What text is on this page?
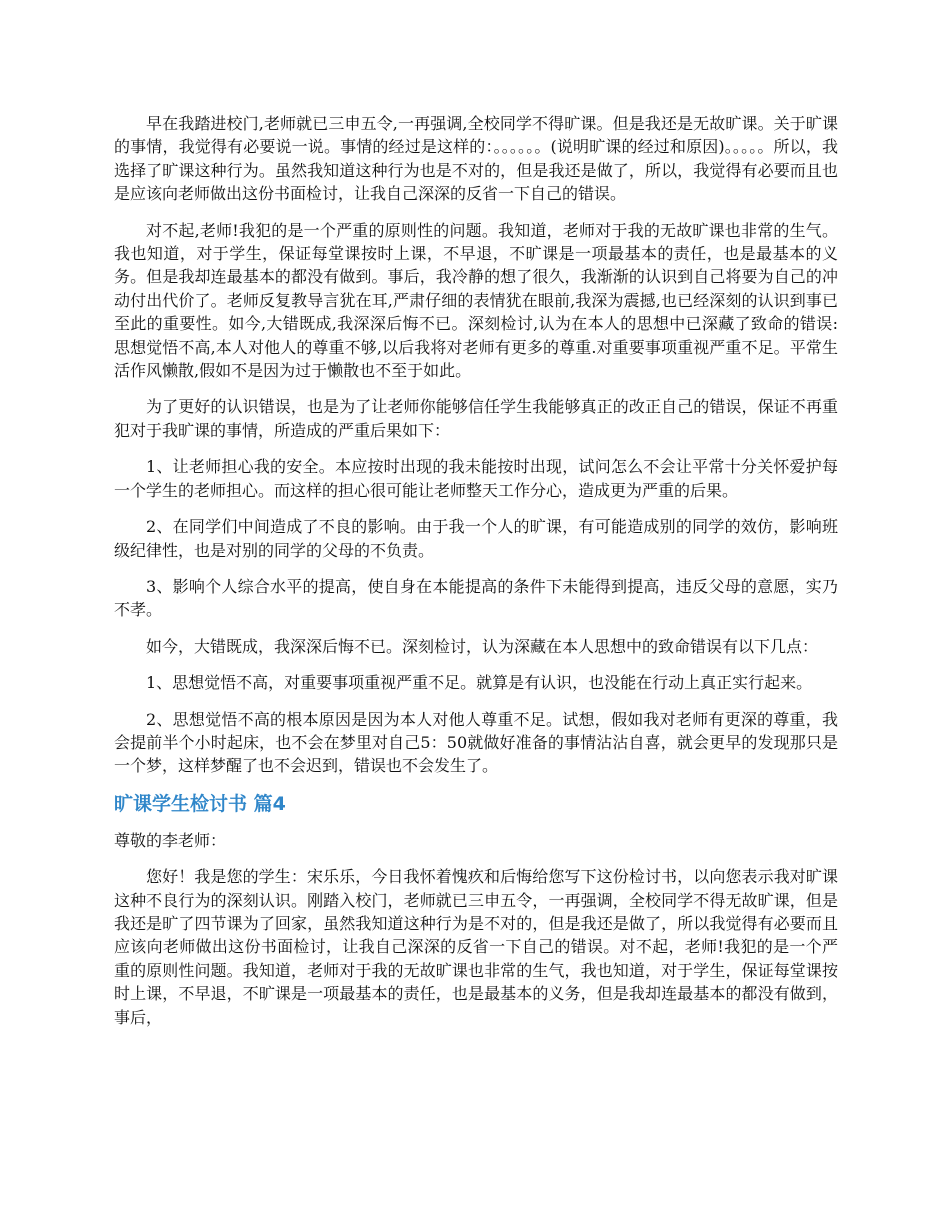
早在我踏进校门,老师就已三申五令,一再强调,全校同学不得旷课。但是我还是无故旷课。关于旷课的事情，我觉得有必要说一说。事情的经过是这样的：。。。。。。(说明旷课的经过和原因)。。。。。所以，我选择了旷课这种行为。虽然我知道这种行为也是不对的，但是我还是做了，所以，我觉得有必要而且也是应该向老师做出这份书面检讨，让我自己深深的反省一下自己的错误。

对不起,老师!我犯的是一个严重的原则性的问题。我知道，老师对于我的无故旷课也非常的生气。我也知道，对于学生，保证每堂课按时上课，不早退，不旷课是一项最基本的责任，也是最基本的义务。但是我却连最基本的都没有做到。事后，我冷静的想了很久，我渐渐的认识到自己将要为自己的冲动付出代价了。老师反复教导言犹在耳,严肃仔细的表情犹在眼前,我深为震撼,也已经深刻的认识到事已至此的重要性。如今,大错既成,我深深后悔不已。深刻检讨,认为在本人的思想中已深藏了致命的错误:思想觉悟不高,本人对他人的尊重不够,以后我将对老师有更多的尊重.对重要事项重视严重不足。平常生活作风懒散,假如不是因为过于懒散也不至于如此。

为了更好的认识错误，也是为了让老师你能够信任学生我能够真正的改正自己的错误，保证不再重犯对于我旷课的事情，所造成的严重后果如下：

1、让老师担心我的安全。本应按时出现的我未能按时出现，试问怎么不会让平常十分关怀爱护每一个学生的老师担心。而这样的担心很可能让老师整天工作分心，造成更为严重的后果。

2、在同学们中间造成了不良的影响。由于我一个人的旷课，有可能造成别的同学的效仿，影响班级纪律性，也是对别的同学的父母的不负责。

3、影响个人综合水平的提高，使自身在本能提高的条件下未能得到提高，违反父母的意愿，实乃不孝。

如今，大错既成，我深深后悔不已。深刻检讨，认为深藏在本人思想中的致命错误有以下几点：

1、思想觉悟不高，对重要事项重视严重不足。就算是有认识，也没能在行动上真正实行起来。

2、思想觉悟不高的根本原因是因为本人对他人尊重不足。试想，假如我对老师有更深的尊重，我会提前半个小时起床，也不会在梦里对自己5：50就做好准备的事情沾沾自喜，就会更早的发现那只是一个梦，这样梦醒了也不会迟到，错误也不会发生了。

旷课学生检讨书 篇4

尊敬的李老师：

您好！我是您的学生：宋乐乐，今日我怀着愧疚和后悔给您写下这份检讨书，以向您表示我对旷课这种不良行为的深刻认识。刚踏入校门，老师就已三申五令，一再强调，全校同学不得无故旷课，但是我还是旷了四节课为了回家，虽然我知道这种行为是不对的，但是我还是做了，所以我觉得有必要而且应该向老师做出这份书面检讨，让我自己深深的反省一下自己的错误。对不起，老师!我犯的是一个严重的原则性问题。我知道，老师对于我的无故旷课也非常的生气，我也知道，对于学生，保证每堂课按时上课，不早退，不旷课是一项最基本的责任，也是最基本的义务，但是我却连最基本的都没有做到，事后，
